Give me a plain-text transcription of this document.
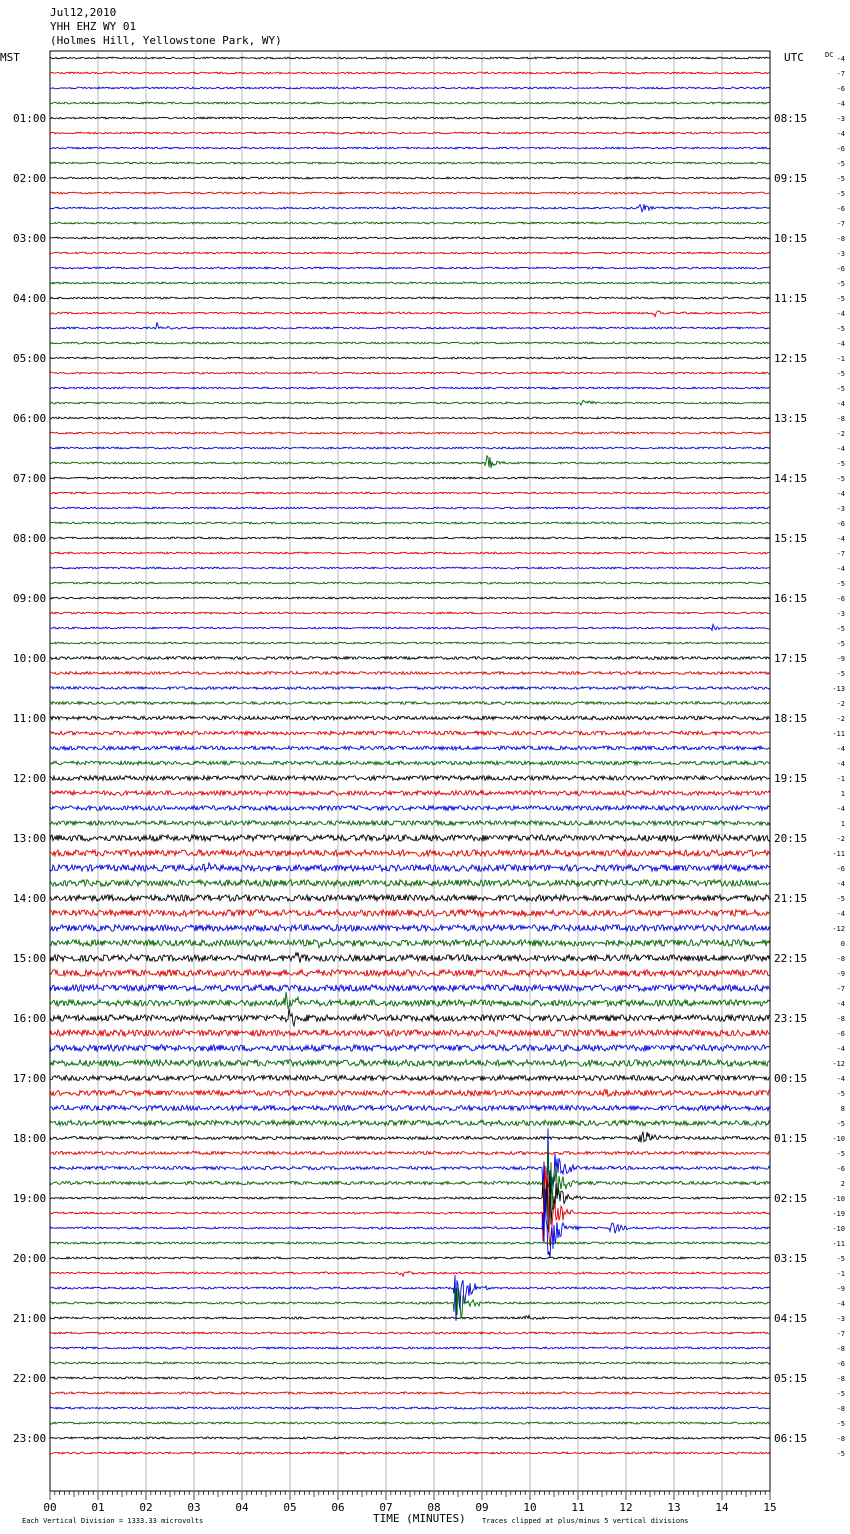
Jul12,2010
YHH EHZ WY 01
(Holmes Hill, Yellowstone Park, WY)
MST	UTC	DC
TIME (MINUTES)
Each Vertical Division = 1333.33 microvolts	Traces clipped at plus/minus 5 vertical divisions
-4
-7
-6
-4
-3
-4
-6
-5
-5
-5
-6
-7
-8
-3
-6
-5
-5
-4
-5
-4
-1
-5
-5
-4
-8
-2
-4
-5
-5
-4
-3
-6
-4
-7
-4
-5
-6
-3
-5
-5
-9
-5
-13
-2
-2
-11
-4
-4
-1
1
-4
1
-2
-11
-6
-4
-5
-4
-12
0
-8
-9
-7
-4
-8
-6
-4
-12
-4
-5
8
-5
-10
-5
-6
2
-10
-19
-10
-11
-5
-1
-9
-4
-3
-7
-8
-6
-8
-5
-8
-5
-8
-5
01:00
02:00
03:00
04:00
05:00
06:00
07:00
08:00
09:00
10:00
11:00
12:00
13:00
14:00
15:00
16:00
17:00
18:00
19:00
20:00
21:00
22:00
23:00
08:15
09:15
10:15
11:15
12:15
13:15
14:15
15:15
16:15
17:15
18:15
19:15
20:15
21:15
22:15
23:15
00:15
01:15
02:15
03:15
04:15
05:15
06:15
00	01	02	03	04	05	06	07	08	09	10	11	12	13	14	15
